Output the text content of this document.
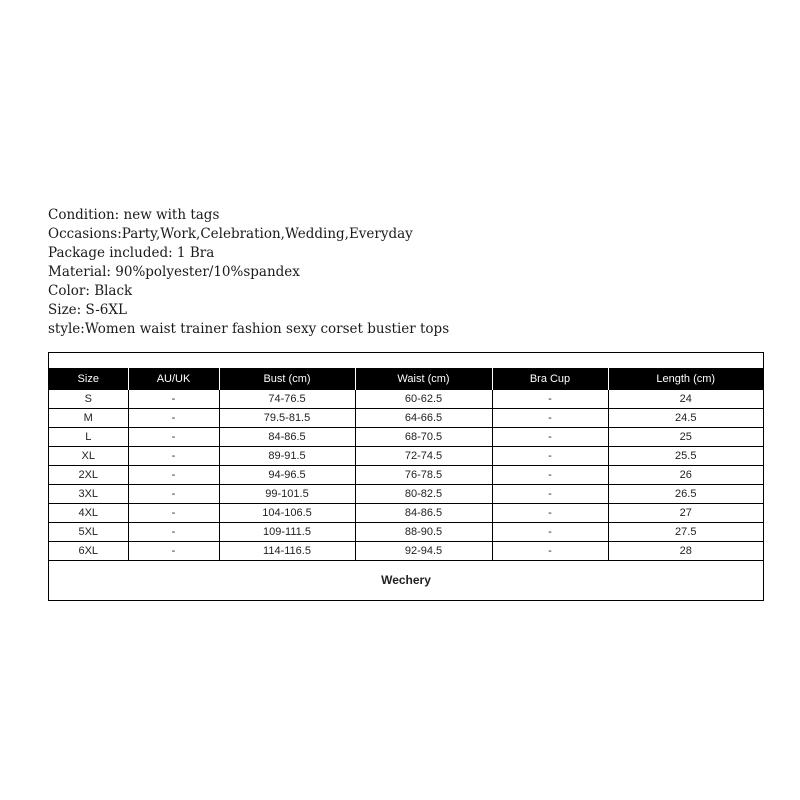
Condition: new with tags
Occasions:Party,Work,Celebration,Wedding,Everyday
Package included: 1 Bra
Material: 90%polyester/10%spandex
Color: Black
Size: S-6XL
style:Women waist trainer fashion sexy corset bustier tops
Size	AU/UK	Bust (cm)	Waist (cm)	Bra Cup	Length (cm)
S	-	74-76.5	60-62.5	-	24
M	-	79.5-81.5	64-66.5	-	24.5
L	-	84-86.5	68-70.5	-	25
XL	-	89-91.5	72-74.5	-	25.5
2XL	-	94-96.5	76-78.5	-	26
3XL	-	99-101.5	80-82.5	-	26.5
4XL	-	104-106.5	84-86.5	-	27
5XL	-	109-111.5	88-90.5	-	27.5
6XL	-	114-116.5	92-94.5	-	28
Wechery
